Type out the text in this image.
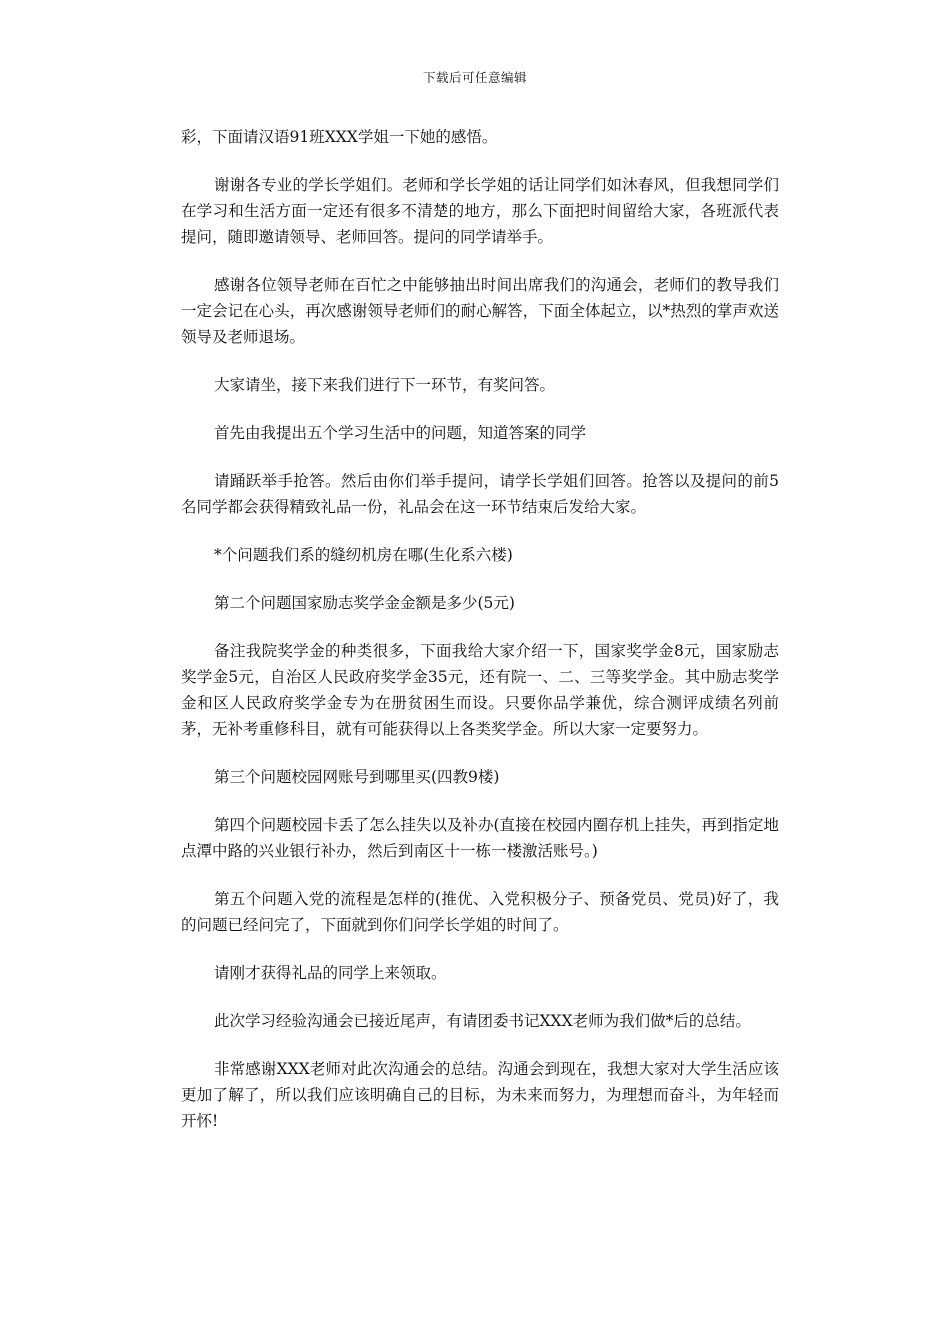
下载后可任意编辑

彩，下面请汉语91班XXX学姐一下她的感悟。

谢谢各专业的学长学姐们。老师和学长学姐的话让同学们如沐春风，但我想同学们在学习和生活方面一定还有很多不清楚的地方，那么下面把时间留给大家，各班派代表提问，随即邀请领导、老师回答。提问的同学请举手。

感谢各位领导老师在百忙之中能够抽出时间出席我们的沟通会，老师们的教导我们一定会记在心头，再次感谢领导老师们的耐心解答，下面全体起立，以*热烈的掌声欢送领导及老师退场。

大家请坐，接下来我们进行下一环节，有奖问答。

首先由我提出五个学习生活中的问题，知道答案的同学

请踊跃举手抢答。然后由你们举手提问，请学长学姐们回答。抢答以及提问的前5名同学都会获得精致礼品一份，礼品会在这一环节结束后发给大家。

*个问题我们系的缝纫机房在哪(生化系六楼)

第二个问题国家励志奖学金金额是多少(5元)

备注我院奖学金的种类很多，下面我给大家介绍一下，国家奖学金8元，国家励志奖学金5元，自治区人民政府奖学金35元，还有院一、二、三等奖学金。其中励志奖学金和区人民政府奖学金专为在册贫困生而设。只要你品学兼优，综合测评成绩名列前茅，无补考重修科目，就有可能获得以上各类奖学金。所以大家一定要努力。

第三个问题校园网账号到哪里买(四教9楼)

第四个问题校园卡丢了怎么挂失以及补办(直接在校园内圈存机上挂失，再到指定地点潭中路的兴业银行补办，然后到南区十一栋一楼激活账号。)

第五个问题入党的流程是怎样的(推优、入党积极分子、预备党员、党员)好了，我的问题已经问完了，下面就到你们问学长学姐的时间了。

请刚才获得礼品的同学上来领取。

此次学习经验沟通会已接近尾声，有请团委书记XXX老师为我们做*后的总结。

非常感谢XXX老师对此次沟通会的总结。沟通会到现在，我想大家对大学生活应该更加了解了，所以我们应该明确自己的目标，为未来而努力，为理想而奋斗，为年轻而开怀!
